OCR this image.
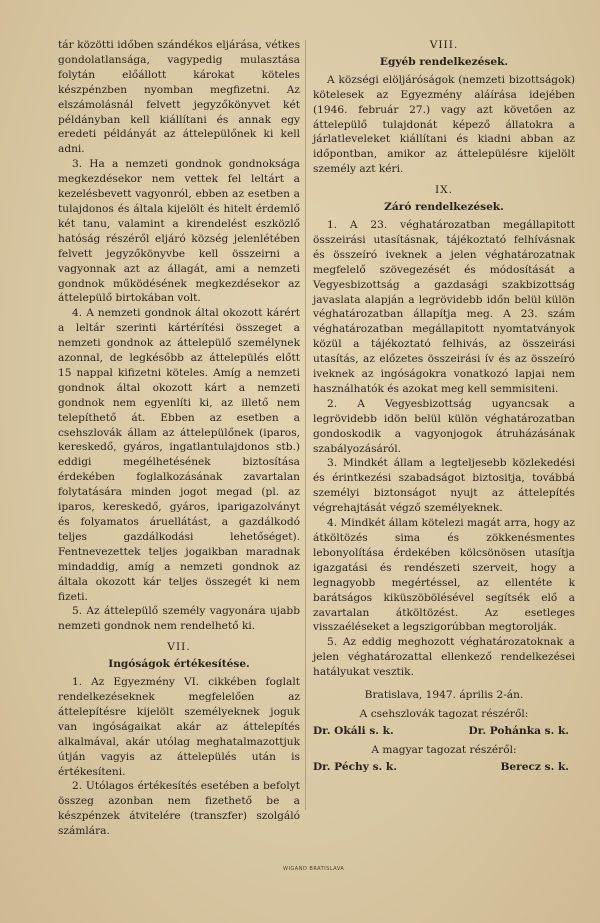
tár közötti időben szándékos eljárása, vétkes gondolatlansága, vagypedig mulasztása folytán előállott károkat köteles készpénzben nyomban megfizetni. Az elszámolásnál felvett jegyzőkönyvet két példányban kell kiállítani és annak egy eredeti példányát az áttelepülőnek ki kell adni.

3. Ha a nemzeti gondnok gondnoksága megkezdésekor nem vettek fel leltárt a kezelésbevett vagyonról, ebben az esetben a tulajdonos és általa kijelölt és hitelt érdemlő két tanu, valamint a kirendelést eszközlő hatóság részéről eljáró község jelenlétében felvett jegyzőkönyvbe kell összeirni a vagyonnak azt az állagát, ami a nemzeti gondnok működésének megkezdésekor az áttelepülő birtokában volt.

4. A nemzeti gondnok által okozott kárért a leltár szerinti kártérítési összeget a nemzeti gondnok az áttelepülő személynek azonnal, de legkésőbb az áttelepülés előtt 15 nappal kifizetni köteles. Amíg a nemzeti gondnok által okozott kárt a nemzeti gondnok nem egyenlíti ki, az illető nem telepíthető át. Ebben az esetben a csehszlovák állam az áttelepülőnek (iparos, kereskedő, gyáros, ingatlantulajdonos stb.) eddigi megélhetésének biztosítása érdekében foglalkozásának zavartalan folytatására minden jogot megad (pl. az iparos, kereskedő, gyáros, iparigazolványt és folyamatos áruellátást, a gazdálkodó teljes gazdálkodási lehetőséget). Fentnevezettek teljes jogaikban maradnak mindaddig, amíg a nemzeti gondnok az általa okozott kár teljes összegét ki nem fizeti.

5. Az áttelepülő személy vagyonára ujabb nemzeti gondnok nem rendelhető ki.

VII.
Ingóságok értékesítése.

1. Az Egyezmény VI. cikkében foglalt rendelkezéseknek megfelelően az áttelepítésre kijelölt személyeknek joguk van ingóságaikat akár az áttelepítés alkalmával, akár utólag meghatalmazottjuk útján vagyis az áttelepülés után is értékesíteni.

2. Utólagos értékesítés esetében a befolyt összeg azonban nem fizethető be a készpénzek átvitelére (transzfer) szolgáló számlára.

VIII.
Egyéb rendelkezések.

A községi elöljáróságok (nemzeti bizottságok) kötelesek az Egyezmény aláírása idejében (1946. február 27.) vagy azt követően az áttelepülő tulajdonát képező állatokra a járlatleveleket kiállítani és kiadni abban az időpontban, amikor az áttelepülésre kijelölt személy azt kéri.

IX.
Záró rendelkezések.

1. A 23. véghatározatban megállapitott összeirási utasításnak, tájékoztató felhívásnak és összeíró iveknek a jelen véghatározatnak megfelelő szövegezését és módosítását a Vegyesbizottság a gazdasági szakbizottság javaslata alapján a legrövidebb időn belül külön véghatározatban állapítja meg. A 23. szám véghatározatban megállapitott nyomtatványok közül a tájékoztató felhivás, az összeirási utasítás, az előzetes összeirási ív és az összeíró iveknek az ingóságokra vonatkozó lapjai nem használhatók és azokat meg kell semmisiteni.

2. A Vegyesbizottság ugyancsak a legrövidebb idön belül külön véghatározatban gondoskodik a vagyonjogok átruházásának szabályozásáról.

3. Mindkét állam a legteljesebb közlekedési és érintkezési szabadságot biztositja, továbbá személyi biztonságot nyujt az áttelepítés végrehajtását végző személyeknek.

4. Mindkét állam kötelezi magát arra, hogy az átköltözés sima és zökkenésmentes lebonyolítása érdekében kölcsönösen utasítja igazgatási és rendészeti szerveit, hogy a legnagyobb megértéssel, az ellentéte k barátságos kiküszöbölésével segítsék elő a zavartalan átköltözést. Az esetleges visszaéléseket a legszigorúbban megtorolják.

5. Az eddig meghozott véghatározatoknak a jelen véghatározattal ellenkező rendelkezései hatályukat vesztik.

Bratislava, 1947. április 2-án.
A csehszlovák tagozat részéről:
Dr. Okáli s. k.	Dr. Pohánka s. k.
A magyar tagozat részéről:
Dr. Péchy s. k.	Berecz s. k.
WIGAND BRATISLAVA
